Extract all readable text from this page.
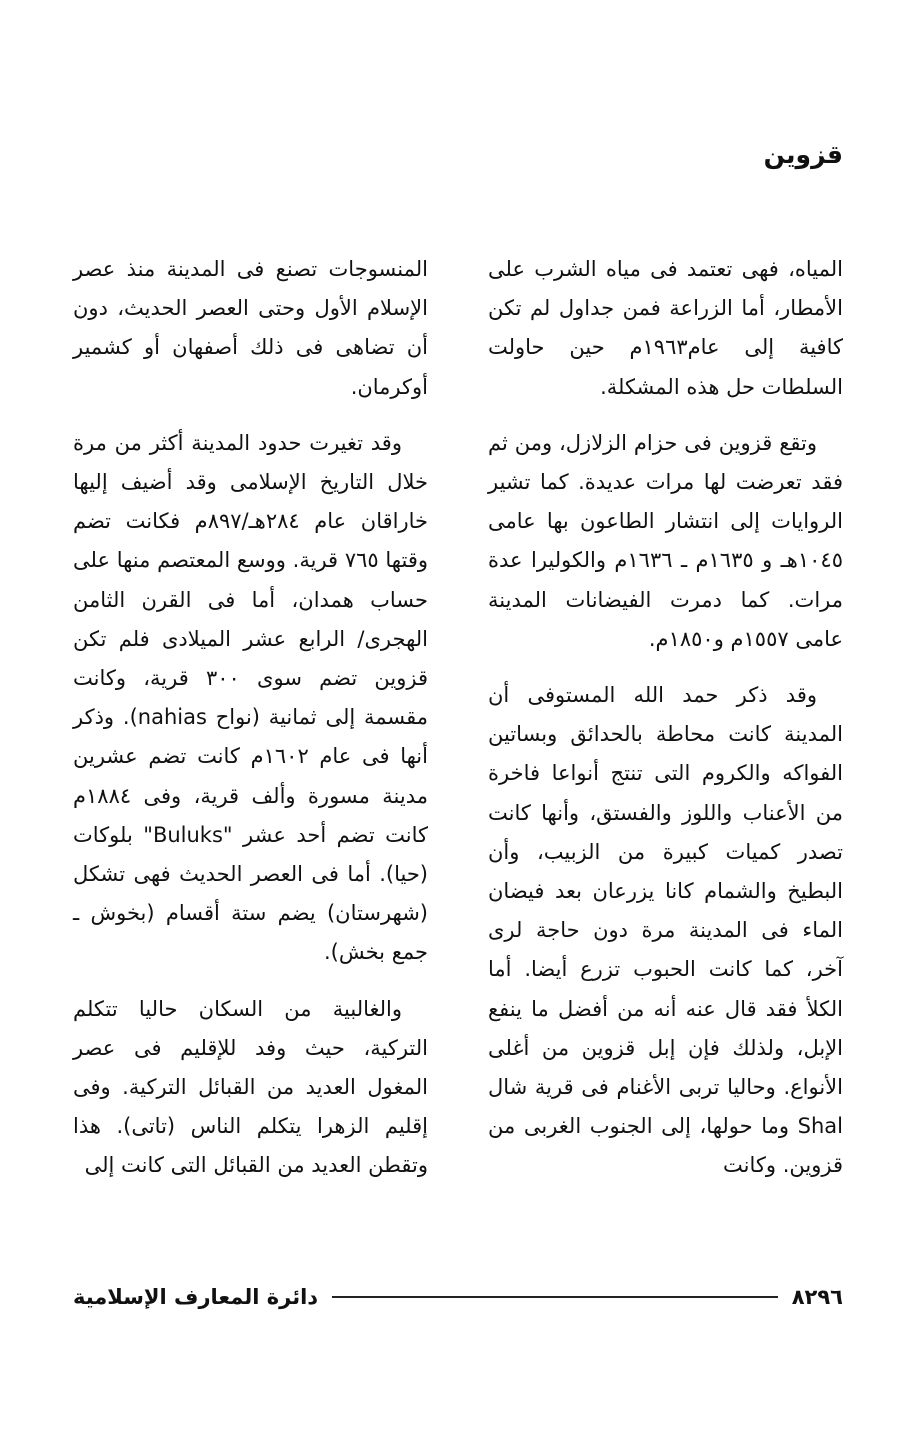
قزوين

المياه، فهى تعتمد فى مياه الشرب على الأمطار، أما الزراعة فمن جداول لم تكن كافية إلى عام١٩٦٣م حين حاولت السلطات حل هذه المشكلة.

وتقع قزوين فى حزام الزلازل، ومن ثم فقد تعرضت لها مرات عديدة. كما تشير الروايات إلى انتشار الطاعون بها عامى ١٠٤٥هـ و ١٦٣٥م ـ ١٦٣٦م والكوليرا عدة مرات. كما دمرت الفيضانات المدينة عامى ١٥٥٧م و١٨٥٠م.

وقد ذكر حمد الله المستوفى أن المدينة كانت محاطة بالحدائق وبساتين الفواكه والكروم التى تنتج أنواعا فاخرة من الأعناب واللوز والفستق، وأنها كانت تصدر كميات كبيرة من الزبيب، وأن البطيخ والشمام كانا يزرعان بعد فيضان الماء فى المدينة مرة دون حاجة لرى آخر، كما كانت الحبوب تزرع أيضا. أما الكلأ فقد قال عنه أنه من أفضل ما ينفع الإبل، ولذلك فإن إبل قزوين من أغلى الأنواع. وحاليا تربى الأغنام فى قرية شال Shal وما حولها، إلى الجنوب الغربى من قزوين. وكانت

المنسوجات تصنع فى المدينة منذ عصر الإسلام الأول وحتى العصر الحديث، دون أن تضاهى فى ذلك أصفهان أو كشمير أوكرمان.

وقد تغيرت حدود المدينة أكثر من مرة خلال التاريخ الإسلامى وقد أضيف إليها خاراقان عام ٢٨٤هـ/٨٩٧م فكانت تضم وقتها ٧٦٥ قرية. ووسع المعتصم منها على حساب همدان، أما فى القرن الثامن الهجرى/ الرابع عشر الميلادى فلم تكن قزوين تضم سوى ٣٠٠ قرية، وكانت مقسمة إلى ثمانية (نواح nahias). وذكر أنها فى عام ١٦٠٢م كانت تضم عشرين مدينة مسورة وألف قرية، وفى ١٨٨٤م كانت تضم أحد عشر "Buluks" بلوكات (حيا). أما فى العصر الحديث فهى تشكل (شهرستان) يضم ستة أقسام (بخوش ـ جمع بخش).

والغالبية من السكان حاليا تتكلم التركية، حيث وفد للإقليم فى عصر المغول العديد من القبائل التركية. وفى إقليم الزهرا يتكلم الناس (تاتى). هذا وتقطن العديد من القبائل التى كانت إلى

٨٢٩٦
دائرة المعارف الإسلامية
